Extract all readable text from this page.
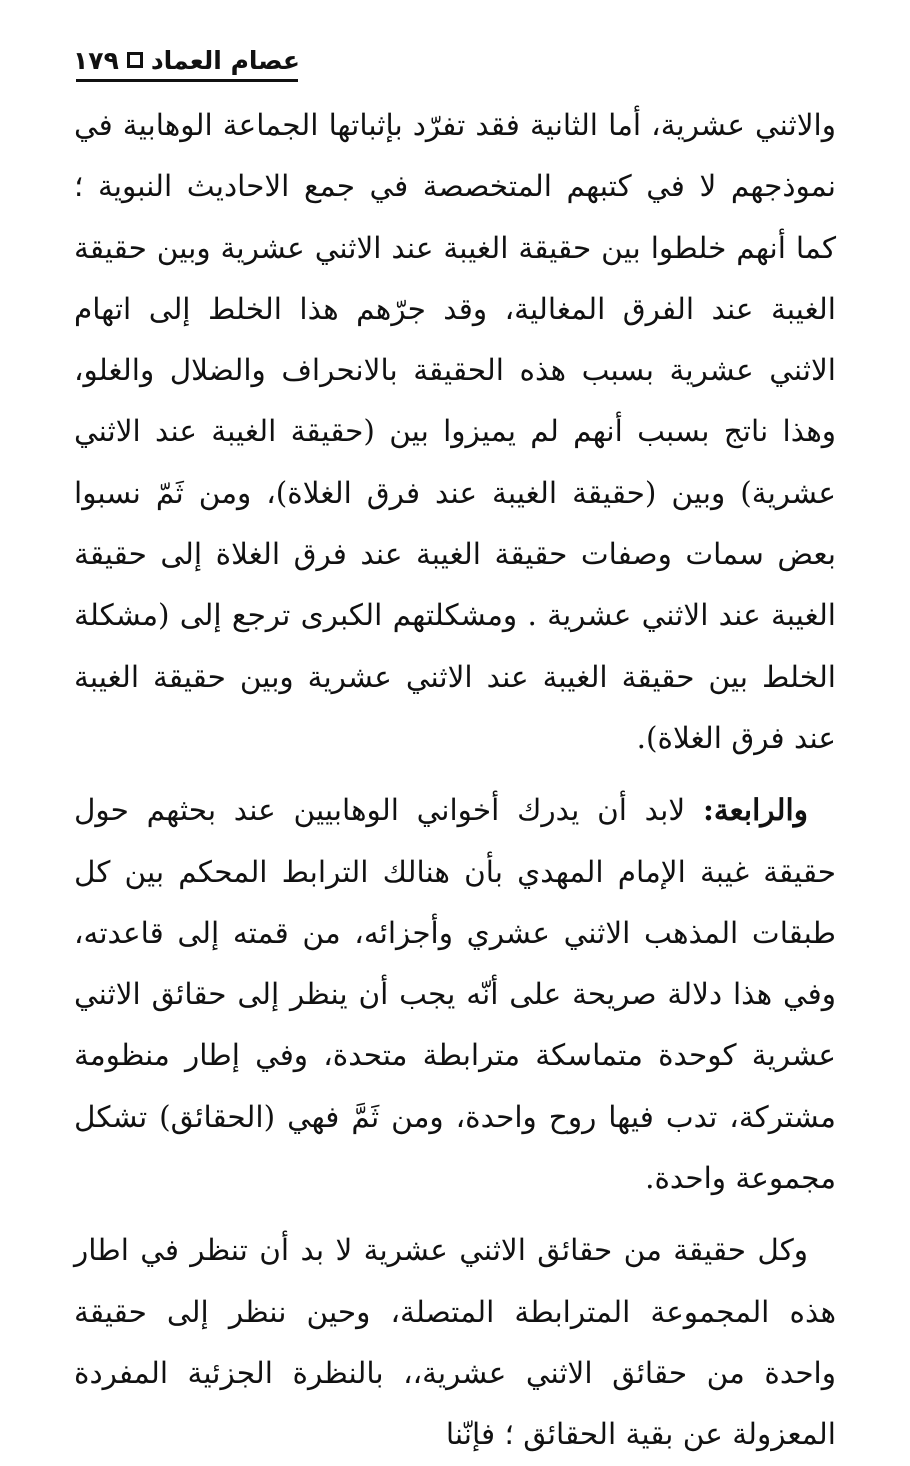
عصام العماد
١٧٩

والاثني عشرية، أما الثانية فقد تفرّد بإثباتها الجماعة الوهابية في نموذجهم لا في كتبهم المتخصصة في جمع الاحاديث النبوية ؛ كما أنهم خلطوا بين حقيقة الغيبة عند الاثني عشرية وبين حقيقة الغيبة عند الفرق المغالية، وقد جرّهم هذا الخلط إلى اتهام الاثني عشرية بسبب هذه الحقيقة بالانحراف والضلال والغلو، وهذا ناتج بسبب أنهم لم يميزوا بين (حقيقة الغيبة عند الاثني عشرية) وبين (حقيقة الغيبة عند فرق الغلاة)، ومن ثَمّ نسبوا بعض سمات وصفات حقيقة الغيبة عند فرق الغلاة إلى حقيقة الغيبة عند الاثني عشرية . ومشكلتهم الكبرى ترجع إلى (مشكلة الخلط بين حقيقة الغيبة عند الاثني عشرية وبين حقيقة الغيبة عند فرق الغلاة).

والرابعة: لابد أن يدرك أخواني الوهابيين عند بحثهم حول حقيقة غيبة الإمام المهدي بأن هنالك الترابط المحكم بين كل طبقات المذهب الاثني عشري وأجزائه، من قمته إلى قاعدته، وفي هذا دلالة صريحة على أنّه يجب أن ينظر إلى حقائق الاثني عشرية كوحدة متماسكة مترابطة متحدة، وفي إطار منظومة مشتركة، تدب فيها روح واحدة، ومن ثَمَّ فهي (الحقائق) تشكل مجموعة واحدة.

وكل حقيقة من حقائق الاثني عشرية لا بد أن تنظر في اطار هذه المجموعة المترابطة المتصلة، وحين ننظر إلى حقيقة واحدة من حقائق الاثني عشرية،، بالنظرة الجزئية المفردة المعزولة عن بقية الحقائق ؛ فإنّنا
